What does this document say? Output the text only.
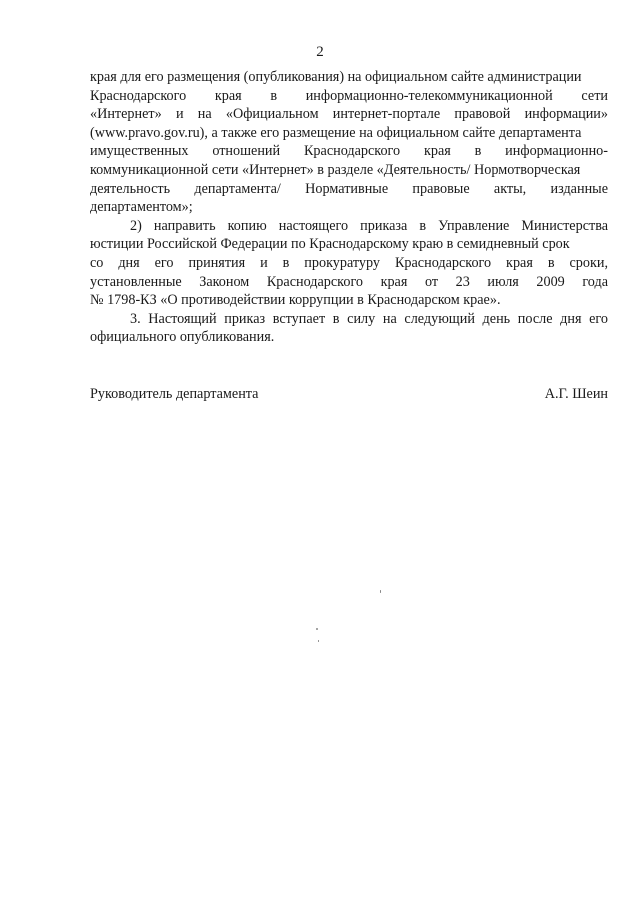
2
края для его размещения (опубликования) на официальном сайте администрации
Краснодарского края в информационно-телекоммуникационной сети
«Интернет» и на «Официальном интернет-портале правовой информации»
(www.pravo.gov.ru), а также его размещение на официальном сайте департамента
имущественных отношений Краснодарского края в информационно-
коммуникационной сети «Интернет» в разделе «Деятельность/ Нормотворческая
деятельность департамента/ Нормативные правовые акты, изданные
департаментом»;
2) направить копию настоящего приказа в Управление Министерства
юстиции Российской Федерации по Краснодарскому краю в семидневный срок
со дня его принятия и в прокуратуру Краснодарского края в сроки,
установленные Законом Краснодарского края от 23 июля 2009 года
№ 1798-КЗ «О противодействии коррупции в Краснодарском крае».
3. Настоящий приказ вступает в силу на следующий день после дня его
официального опубликования.
Руководитель департамента	А.Г. Шеин
